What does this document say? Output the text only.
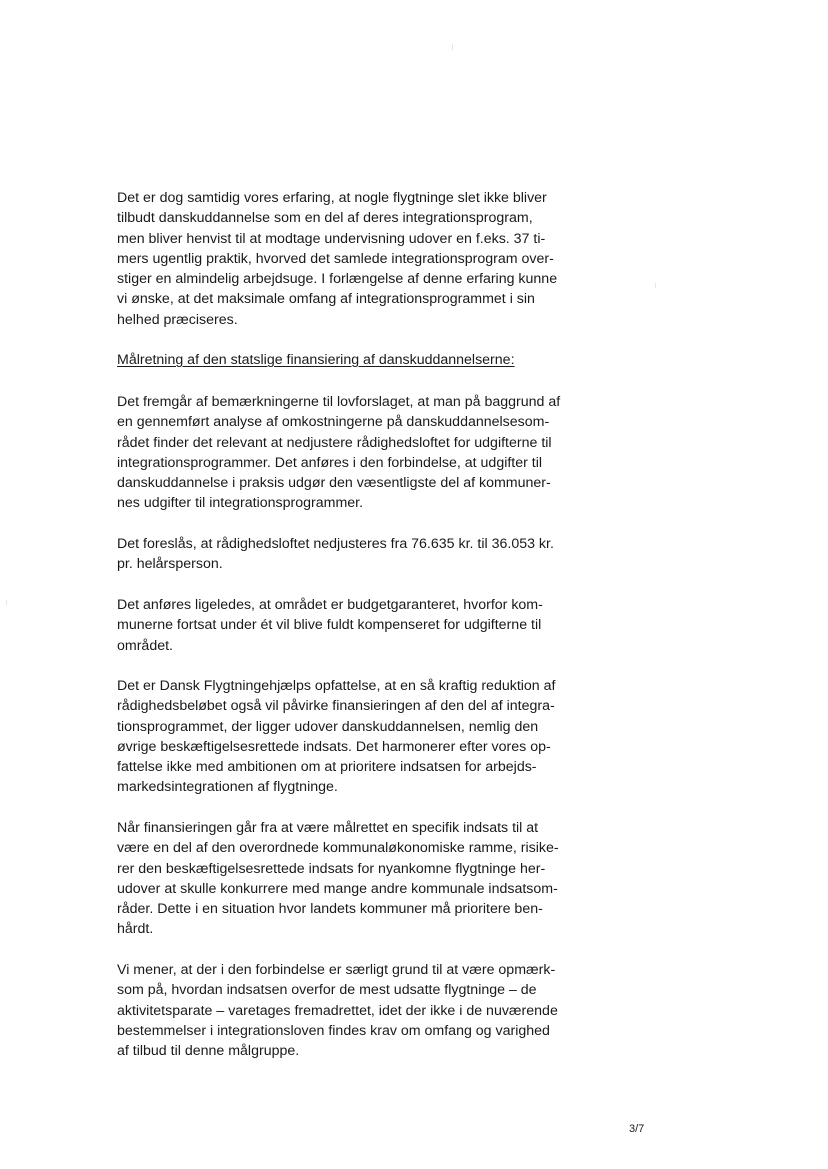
Det er dog samtidig vores erfaring, at nogle flygtninge slet ikke bliver
tilbudt danskuddannelse som en del af deres integrationsprogram,
men bliver henvist til at modtage undervisning udover en f.eks. 37 ti-
mers ugentlig praktik, hvorved det samlede integrationsprogram over-
stiger en almindelig arbejdsuge. I forlængelse af denne erfaring kunne
vi ønske, at det maksimale omfang af integrationsprogrammet i sin
helhed præciseres.
Målretning af den statslige finansiering af danskuddannelserne:
Det fremgår af bemærkningerne til lovforslaget, at man på baggrund af
en gennemført analyse af omkostningerne på danskuddannelsesom-
rådet finder det relevant at nedjustere rådighedsloftet for udgifterne til
integrationsprogrammer. Det anføres i den forbindelse, at udgifter til
danskuddannelse i praksis udgør den væsentligste del af kommuner-
nes udgifter til integrationsprogrammer.
Det foreslås, at rådighedsloftet nedjusteres fra 76.635 kr. til 36.053 kr.
pr. helårsperson.
Det anføres ligeledes, at området er budgetgaranteret, hvorfor kom-
munerne fortsat under ét vil blive fuldt kompenseret for udgifterne til
området.
Det er Dansk Flygtningehjælps opfattelse, at en så kraftig reduktion af
rådighedsbeløbet også vil påvirke finansieringen af den del af integra-
tionsprogrammet, der ligger udover danskuddannelsen, nemlig den
øvrige beskæftigelsesrettede indsats. Det harmonerer efter vores op-
fattelse ikke med ambitionen om at prioritere indsatsen for arbejds-
markedsintegrationen af flygtninge.
Når finansieringen går fra at være målrettet en specifik indsats til at
være en del af den overordnede kommunaløkonomiske ramme, risike-
rer den beskæftigelsesrettede indsats for nyankomne flygtninge her-
udover at skulle konkurrere med mange andre kommunale indsatsom-
råder. Dette i en situation hvor landets kommuner må prioritere ben-
hårdt.
Vi mener, at der i den forbindelse er særligt grund til at være opmærk-
som på, hvordan indsatsen overfor de mest udsatte flygtninge – de
aktivitetsparate – varetages fremadrettet, idet der ikke i de nuværende
bestemmelser i integrationsloven findes krav om omfang og varighed
af tilbud til denne målgruppe.
3/7
